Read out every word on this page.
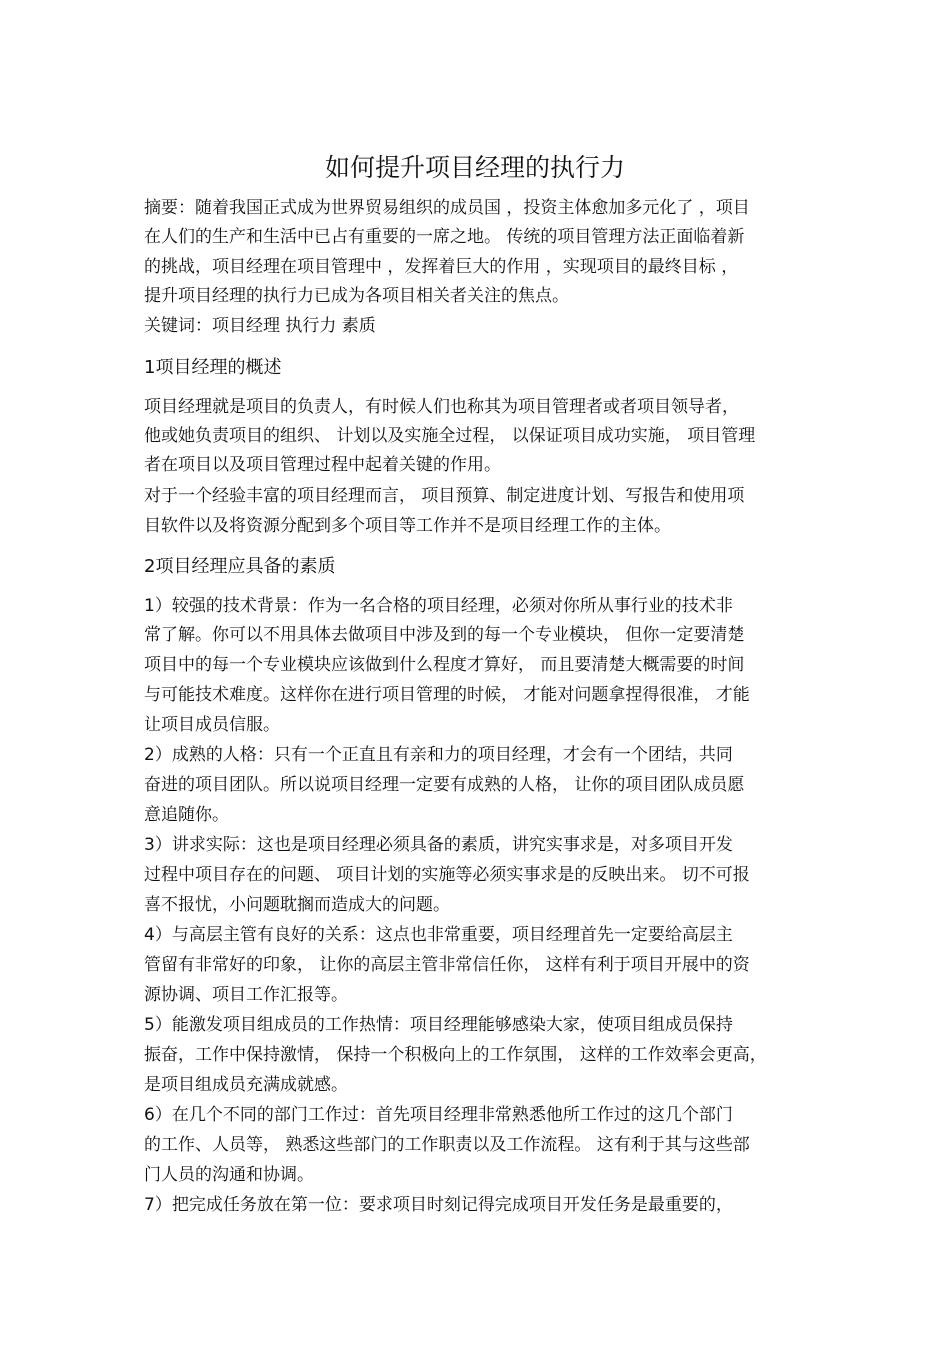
如何提升项目经理的执行力
摘要：随着我国正式成为世界贸易组织的成员国 ，投资主体愈加多元化了 ，项目
在人们的生产和生活中已占有重要的一席之地。 传统的项目管理方法正面临着新
的挑战，项目经理在项目管理中 ，发挥着巨大的作用 ，实现项目的最终目标 ，
提升项目经理的执行力已成为各项目相关者关注的焦点。
关键词：项目经理 执行力 素质
1项目经理的概述
项目经理就是项目的负责人，有时候人们也称其为项目管理者或者项目领导者，
他或她负责项目的组织、 计划以及实施全过程， 以保证项目成功实施， 项目管理
者在项目以及项目管理过程中起着关键的作用。
对于一个经验丰富的项目经理而言， 项目预算、制定进度计划、写报告和使用项
目软件以及将资源分配到多个项目等工作并不是项目经理工作的主体。
2项目经理应具备的素质
1）较强的技术背景：作为一名合格的项目经理，必须对你所从事行业的技术非
常了解。你可以不用具体去做项目中涉及到的每一个专业模块， 但你一定要清楚
项目中的每一个专业模块应该做到什么程度才算好， 而且要清楚大概需要的时间
与可能技术难度。这样你在进行项目管理的时候， 才能对问题拿捏得很准， 才能
让项目成员信服。
2）成熟的人格：只有一个正直且有亲和力的项目经理，才会有一个团结，共同
奋进的项目团队。所以说项目经理一定要有成熟的人格， 让你的项目团队成员愿
意追随你。
3）讲求实际：这也是项目经理必须具备的素质，讲究实事求是，对多项目开发
过程中项目存在的问题、 项目计划的实施等必须实事求是的反映出来。 切不可报
喜不报忧，小问题耽搁而造成大的问题。
4）与高层主管有良好的关系：这点也非常重要，项目经理首先一定要给高层主
管留有非常好的印象， 让你的高层主管非常信任你， 这样有利于项目开展中的资
源协调、项目工作汇报等。
5）能激发项目组成员的工作热情：项目经理能够感染大家，使项目组成员保持
振奋，工作中保持激情， 保持一个积极向上的工作氛围， 这样的工作效率会更高，
是项目组成员充满成就感。
6）在几个不同的部门工作过：首先项目经理非常熟悉他所工作过的这几个部门
的工作、人员等， 熟悉这些部门的工作职责以及工作流程。 这有利于其与这些部
门人员的沟通和协调。
7）把完成任务放在第一位：要求项目时刻记得完成项目开发任务是最重要的，
